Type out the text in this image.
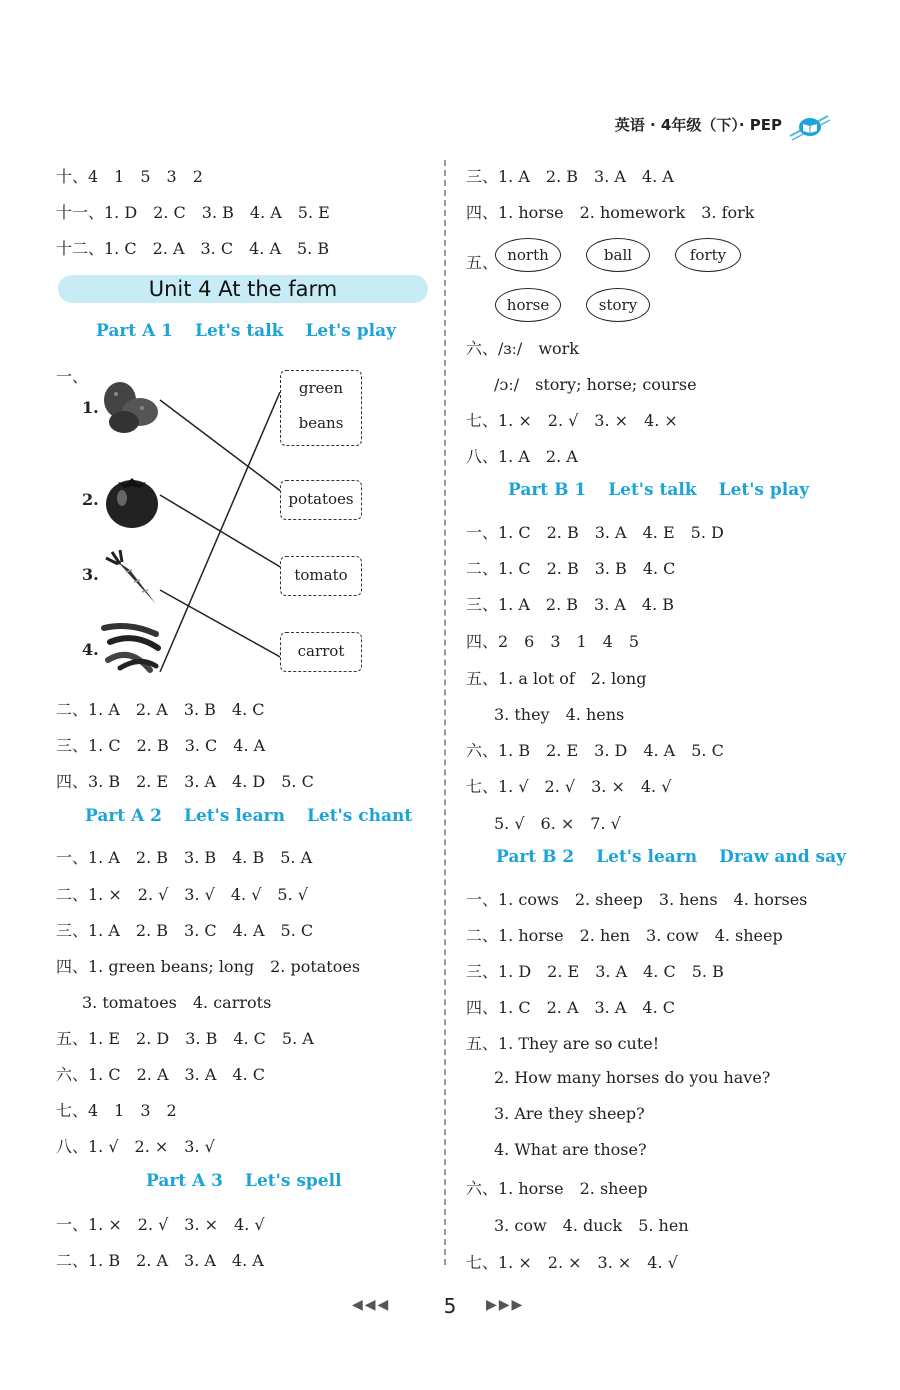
英语 · 4年级（下）· PEP
十、4　1　5　3　2
十一、1. D　2. C　3. B　4. A　5. E
十二、1. C　2. A　3. C　4. A　5. B
Unit 4 At the farm
Part A 1 Let's talk Let's play
一、
1.
2.
3.
4.
green beans
potatoes
tomato
carrot
二、1. A　2. A　3. B　4. C
三、1. C　2. B　3. C　4. A
四、3. B　2. E　3. A　4. D　5. C
Part A 2 Let's learn Let's chant
一、1. A　2. B　3. B　4. B　5. A
二、1. ×　2. √　3. √　4. √　5. √
三、1. A　2. B　3. C　4. A　5. C
四、1. green beans; long　2. potatoes
3. tomatoes　4. carrots
五、1. E　2. D　3. B　4. C　5. A
六、1. C　2. A　3. A　4. C
七、4　1　3　2
八、1. √　2. ×　3. √
Part A 3 Let's spell
一、1. ×　2. √　3. ×　4. √
二、1. B　2. A　3. A　4. A
三、1. A　2. B　3. A　4. A
四、1. horse　2. homework　3. fork
五、 north	ball	forty
horse	story
六、/ɜː/　work
/ɔː/　story; horse; course
七、1. ×　2. √　3. ×　4. ×
八、1. A　2. A
Part B 1 Let's talk Let's play
一、1. C　2. B　3. A　4. E　5. D
二、1. C　2. B　3. B　4. C
三、1. A　2. B　3. A　4. B
四、2　6　3　1　4　5
五、1. a lot of　2. long
3. they　4. hens
六、1. B　2. E　3. D　4. A　5. C
七、1. √　2. √　3. ×　4. √
5. √　6. ×　7. √
Part B 2 Let's learn Draw and say
一、1. cows　2. sheep　3. hens　4. horses
二、1. horse　2. hen　3. cow　4. sheep
三、1. D　2. E　3. A　4. C　5. B
四、1. C　2. A　3. A　4. C
五、1. They are so cute!
2. How many horses do you have?
3. Are they sheep?
4. What are those?
六、1. horse　2. sheep
3. cow　4. duck　5. hen
七、1. ×　2. ×　3. ×　4. √
◀◀◀	5	▶▶▶
